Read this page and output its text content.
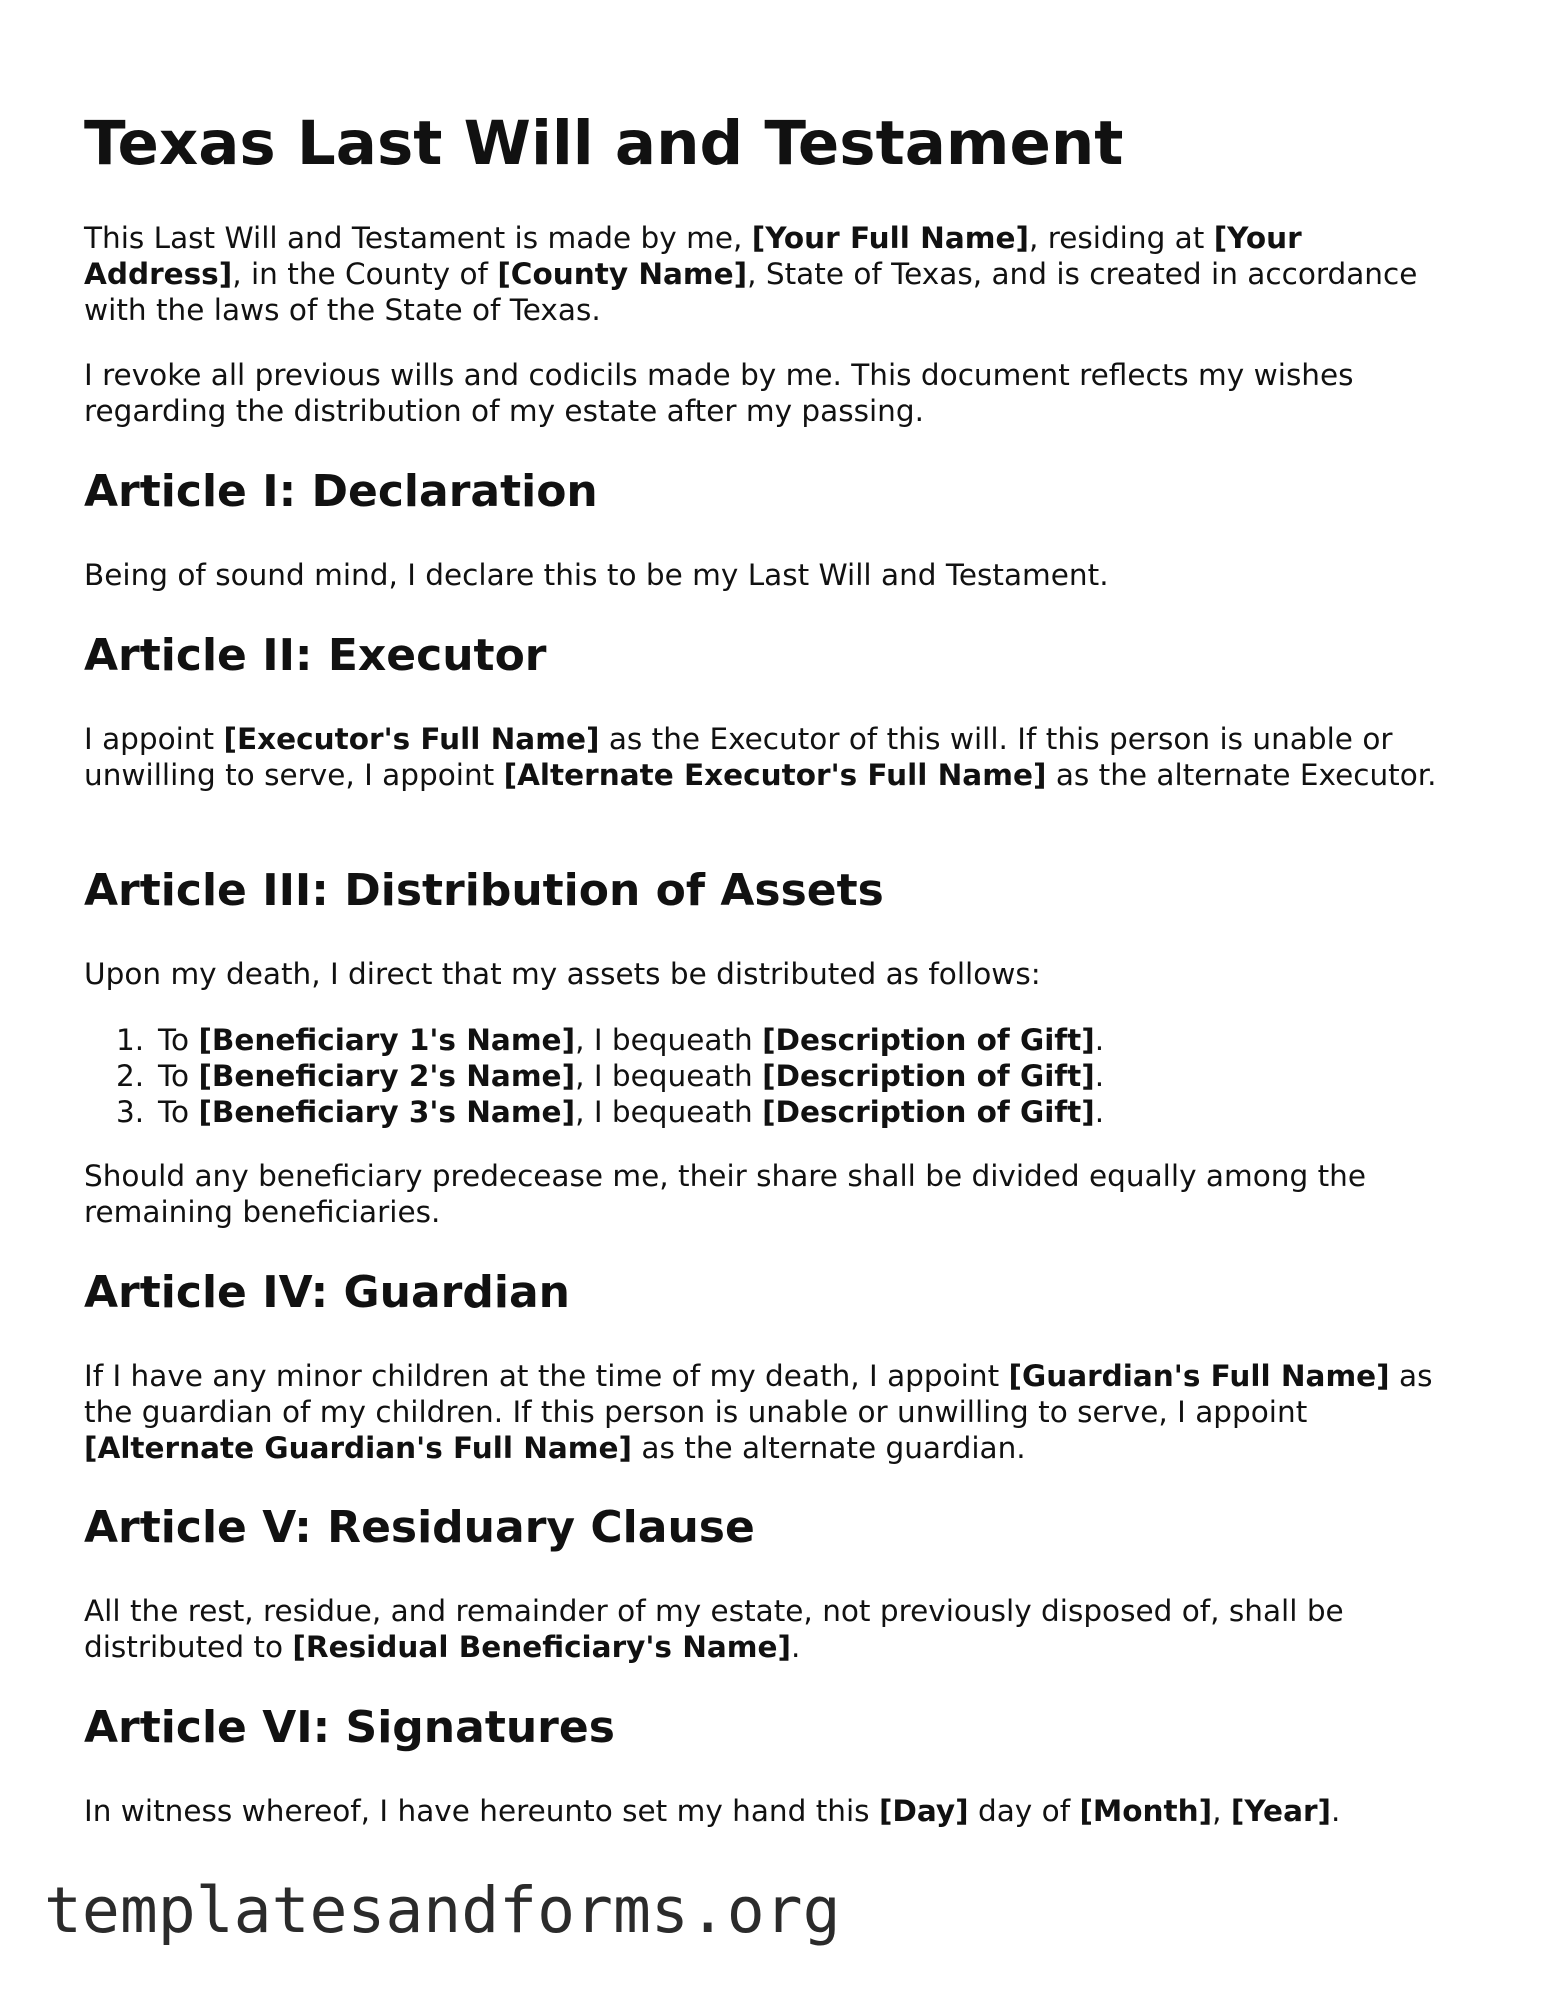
Texas Last Will and Testament

This Last Will and Testament is made by me, [Your Full Name], residing at [Your Address], in the County of [County Name], State of Texas, and is created in accordance with the laws of the State of Texas.

I revoke all previous wills and codicils made by me. This document reflects my wishes regarding the distribution of my estate after my passing.

Article I: Declaration

Being of sound mind, I declare this to be my Last Will and Testament.

Article II: Executor

I appoint [Executor's Full Name] as the Executor of this will. If this person is unable or unwilling to serve, I appoint [Alternate Executor's Full Name] as the alternate Executor.

Article III: Distribution of Assets

Upon my death, I direct that my assets be distributed as follows:

1. To [Beneficiary 1's Name], I bequeath [Description of Gift].
2. To [Beneficiary 2's Name], I bequeath [Description of Gift].
3. To [Beneficiary 3's Name], I bequeath [Description of Gift].

Should any beneficiary predecease me, their share shall be divided equally among the remaining beneficiaries.

Article IV: Guardian

If I have any minor children at the time of my death, I appoint [Guardian's Full Name] as the guardian of my children. If this person is unable or unwilling to serve, I appoint [Alternate Guardian's Full Name] as the alternate guardian.

Article V: Residuary Clause

All the rest, residue, and remainder of my estate, not previously disposed of, shall be distributed to [Residual Beneficiary's Name].

Article VI: Signatures

In witness whereof, I have hereunto set my hand this [Day] day of [Month], [Year].

templatesandforms.org
